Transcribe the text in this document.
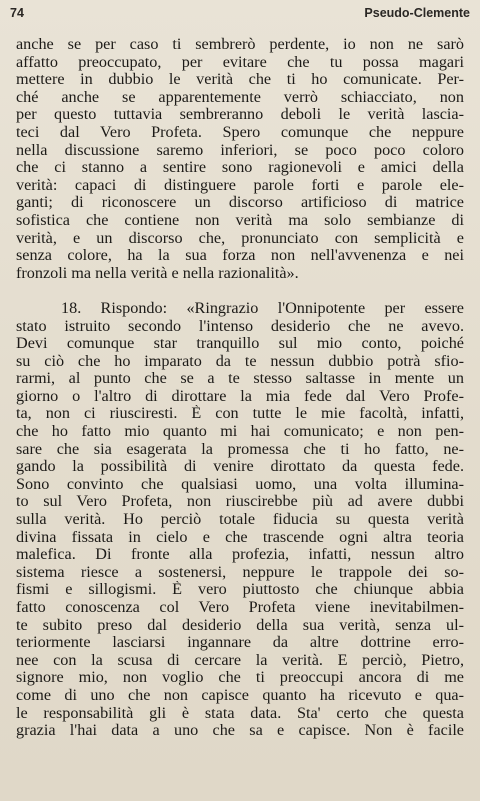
74	Pseudo-Clemente
anche se per caso ti sembrerò perdente, io non ne sarò
affatto preoccupato, per evitare che tu possa magari
mettere in dubbio le verità che ti ho comunicate. Per-
ché anche se apparentemente verrò schiacciato, non
per questo tuttavia sembreranno deboli le verità lascia-
teci dal Vero Profeta. Spero comunque che neppure
nella discussione saremo inferiori, se poco poco coloro
che ci stanno a sentire sono ragionevoli e amici della
verità: capaci di distinguere parole forti e parole ele-
ganti; di riconoscere un discorso artificioso di matrice
sofistica che contiene non verità ma solo sembianze di
verità, e un discorso che, pronunciato con semplicità e
senza colore, ha la sua forza non nell'avvenenza e nei
fronzoli ma nella verità e nella razionalità».
18. Rispondo: «Ringrazio l'Onnipotente per essere
stato istruito secondo l'intenso desiderio che ne avevo.
Devi comunque star tranquillo sul mio conto, poiché
su ciò che ho imparato da te nessun dubbio potrà sfio-
rarmi, al punto che se a te stesso saltasse in mente un
giorno o l'altro di dirottare la mia fede dal Vero Profe-
ta, non ci riusciresti. È con tutte le mie facoltà, infatti,
che ho fatto mio quanto mi hai comunicato; e non pen-
sare che sia esagerata la promessa che ti ho fatto, ne-
gando la possibilità di venire dirottato da questa fede.
Sono convinto che qualsiasi uomo, una volta illumina-
to sul Vero Profeta, non riuscirebbe più ad avere dubbi
sulla verità. Ho perciò totale fiducia su questa verità
divina fissata in cielo e che trascende ogni altra teoria
malefica. Di fronte alla profezia, infatti, nessun altro
sistema riesce a sostenersi, neppure le trappole dei so-
fismi e sillogismi. È vero piuttosto che chiunque abbia
fatto conoscenza col Vero Profeta viene inevitabilmen-
te subito preso dal desiderio della sua verità, senza ul-
teriormente lasciarsi ingannare da altre dottrine erro-
nee con la scusa di cercare la verità. E perciò, Pietro,
signore mio, non voglio che ti preoccupi ancora di me
come di uno che non capisce quanto ha ricevuto e qua-
le responsabilità gli è stata data. Sta' certo che questa
grazia l'hai data a uno che sa e capisce. Non è facile
